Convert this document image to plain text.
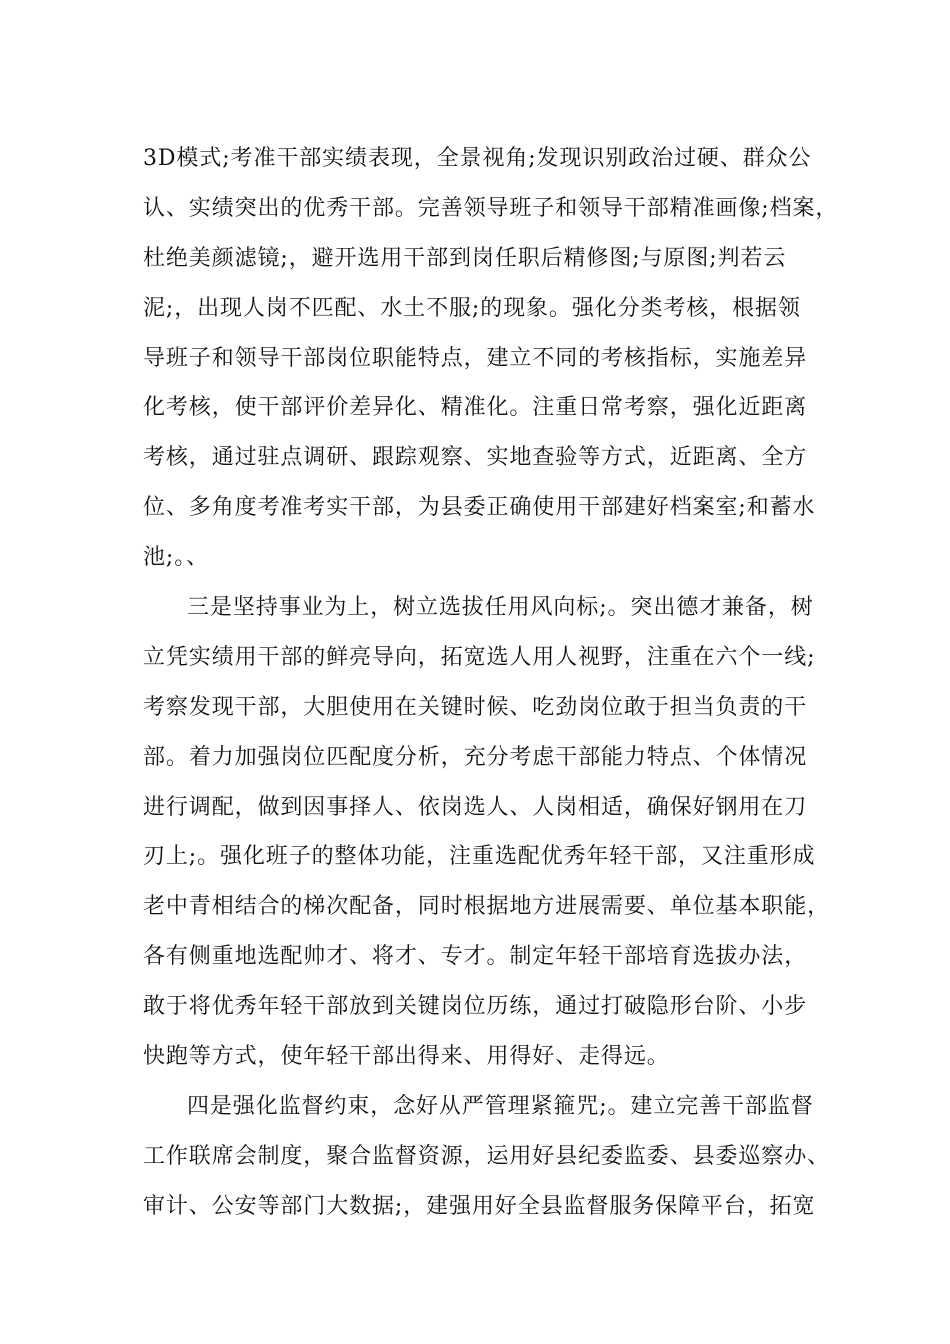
3D模式;考准干部实绩表现，全景视角;发现识别政治过硬、群众公
认、实绩突出的优秀干部。完善领导班子和领导干部精准画像;档案，
杜绝美颜滤镜;，避开选用干部到岗任职后精修图;与原图;判若云
泥;，出现人岗不匹配、水土不服;的现象。强化分类考核，根据领
导班子和领导干部岗位职能特点，建立不同的考核指标，实施差异
化考核，使干部评价差异化、精准化。注重日常考察，强化近距离
考核，通过驻点调研、跟踪观察、实地查验等方式，近距离、全方
位、多角度考准考实干部，为县委正确使用干部建好档案室;和蓄水
池;。、
三是坚持事业为上，树立选拔任用风向标;。突出德才兼备，树
立凭实绩用干部的鲜亮导向，拓宽选人用人视野，注重在六个一线;
考察发现干部，大胆使用在关键时候、吃劲岗位敢于担当负责的干
部。着力加强岗位匹配度分析，充分考虑干部能力特点、个体情况
进行调配，做到因事择人、依岗选人、人岗相适，确保好钢用在刀
刃上;。强化班子的整体功能，注重选配优秀年轻干部，又注重形成
老中青相结合的梯次配备，同时根据地方进展需要、单位基本职能，
各有侧重地选配帅才、将才、专才。制定年轻干部培育选拔办法，
敢于将优秀年轻干部放到关键岗位历练，通过打破隐形台阶、小步
快跑等方式，使年轻干部出得来、用得好、走得远。
四是强化监督约束，念好从严管理紧箍咒;。建立完善干部监督
工作联席会制度，聚合监督资源，运用好县纪委监委、县委巡察办、
审计、公安等部门大数据;，建强用好全县监督服务保障平台，拓宽
